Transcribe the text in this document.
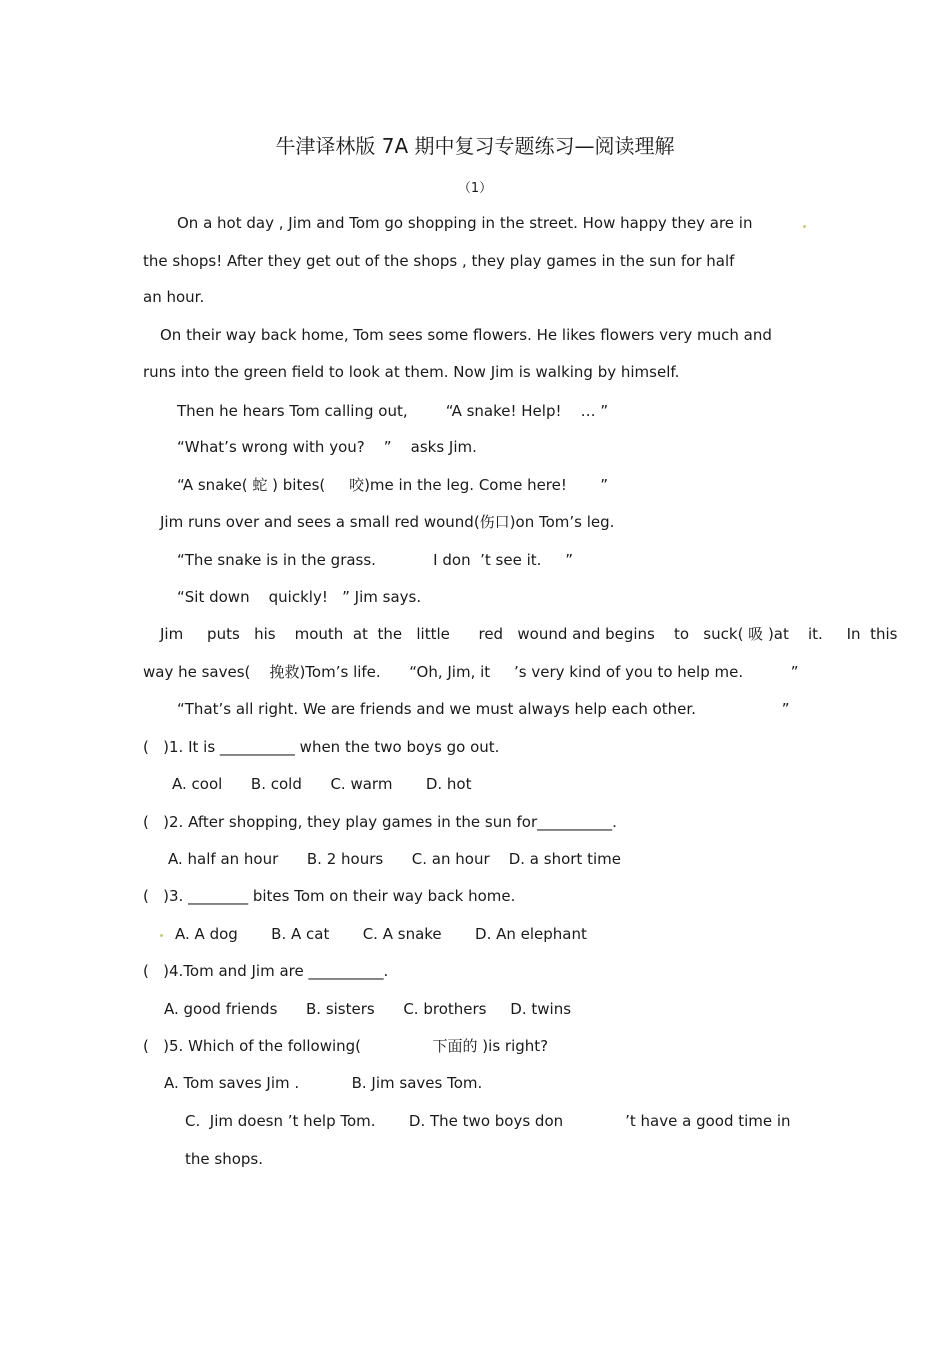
牛津译林版 7A 期中复习专题练习—阅读理解
（1）
On a hot day , Jim and Tom go shopping in the street. How happy they are in
the shops! After they get out of the shops , they play games in the sun for half
an hour.
On their way back home, Tom sees some flowers. He likes flowers very much and
runs into the green field to look at them. Now Jim is walking by himself.
Then he hears Tom calling out,        “A snake! Help!    … ”
“What’s wrong with you?    ”    asks Jim.
“A snake( 蛇 ) bites(     咬)me in the leg. Come here!       ”
Jim runs over and sees a small red wound(伤口)on Tom’s leg.
“The snake is in the grass.            I don  ’t see it.     ”
“Sit down    quickly!   ” Jim says.
Jim     puts   his    mouth  at  the   little      red   wound and begins    to   suck( 吸 )at    it.     In  this
way he saves(    挽救)Tom’s life.      “Oh, Jim, it     ’s very kind of you to help me.          ”
“That’s all right. We are friends and we must always help each other.                  ”
(   )1. It is __________ when the two boys go out.
A. cool      B. cold      C. warm       D. hot
(   )2. After shopping, they play games in the sun for__________.
A. half an hour      B. 2 hours      C. an hour    D. a short time
(   )3. ________ bites Tom on their way back home.
A. A dog       B. A cat       C. A snake       D. An elephant
(   )4.Tom and Jim are __________.
A. good friends      B. sisters      C. brothers     D. twins
(   )5. Which of the following(               下面的 )is right?
A. Tom saves Jim .           B. Jim saves Tom.
C.  Jim doesn ’t help Tom.       D. The two boys don             ’t have a good time in
the shops.
